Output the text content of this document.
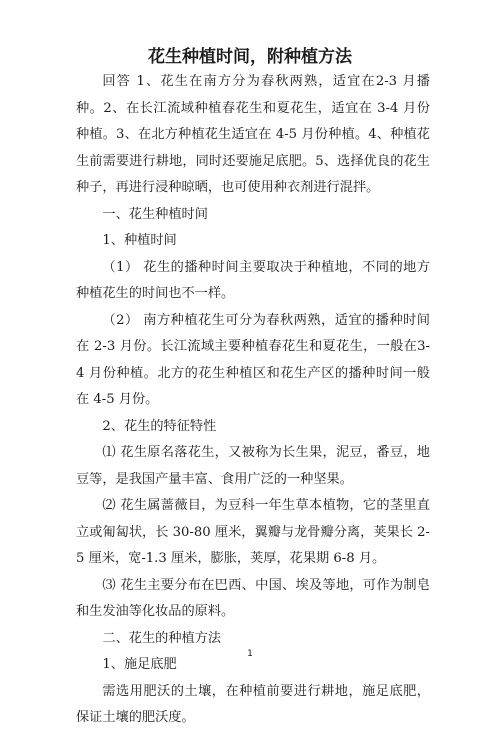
花生种植时间，附种植方法

回答 1、花生在南方分为春秋两熟，适宜在2-3 月播种。2、在长江流域种植春花生和夏花生，适宜在 3-4 月份种植。3、在北方种植花生适宜在 4-5 月份种植。4、种植花生前需要进行耕地，同时还要施足底肥。5、选择优良的花生种子，再进行浸种晾晒，也可使用种衣剂进行混拌。

一、花生种植时间

1、种植时间

（1） 花生的播种时间主要取决于种植地，不同的地方种植花生的时间也不一样。

（2） 南方种植花生可分为春秋两熟，适宜的播种时间在 2-3 月份。长江流域主要种植春花生和夏花生，一般在3-4 月份种植。北方的花生种植区和花生产区的播种时间一般在 4-5 月份。

2、花生的特征特性

⑴ 花生原名落花生，又被称为长生果，泥豆，番豆，地豆等，是我国产量丰富、食用广泛的一种坚果。

⑵ 花生属蔷薇目，为豆科一年生草本植物，它的茎里直立或匍匐状，长 30-80 厘米，翼瓣与龙骨瓣分离，荚果长 2-5 厘米，宽-1.3 厘米，膨胀，荚厚，花果期 6-8 月。

⑶ 花生主要分布在巴西、中国、埃及等地，可作为制皂和生发油等化妆品的原料。

二、花生的种植方法

1、施足底肥

需选用肥沃的土壤，在种植前要进行耕地，施足底肥，保证土壤的肥沃度。

1
